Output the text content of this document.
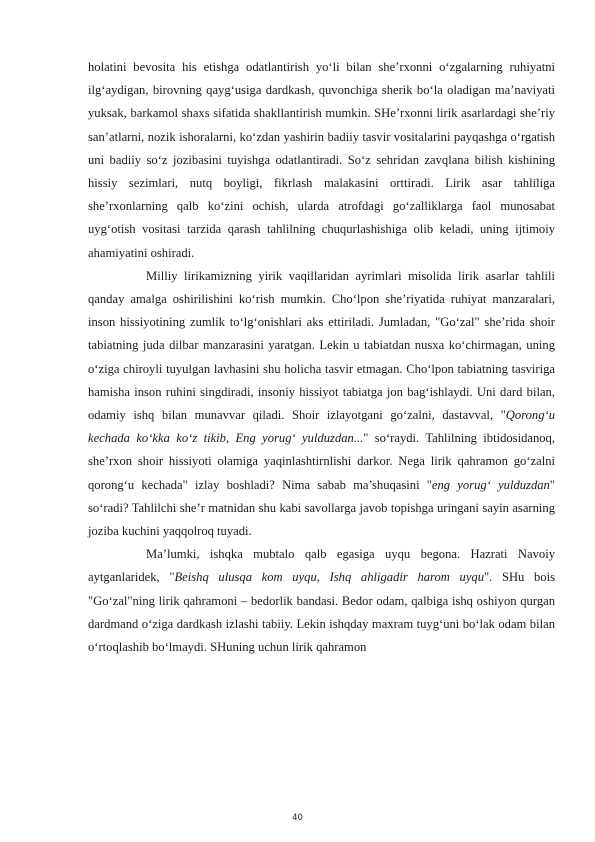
holatini bevosita his etishga odatlantirish yo‘li bilan she’rxonni o‘zgalarning ruhiyatni ilg‘aydigan, birovning qayg‘usiga dardkash, quvonchiga sherik bo‘la oladigan ma’naviyati yuksak, barkamol shaxs sifatida shakllantirish mumkin. SHe’rxonni lirik asarlardagi she’riy san’atlarni, nozik ishoralarni, ko‘zdan yashirin badiiy tasvir vositalarini payqashga o‘rgatish uni badiiy so‘z jozibasini tuyishga odatlantiradi. So‘z sehridan zavqlana bilish kishining hissiy sezimlari, nutq boyligi, fikrlash malakasini orttiradi. Lirik asar tahliliga she’rxonlarning qalb ko‘zini ochish, ularda atrofdagi go‘zalliklarga faol munosabat uyg‘otish vositasi tarzida qarash tahlilning chuqurlashishiga olib keladi, uning ijtimoiy ahamiyatini oshiradi.

Milliy lirikamizning yirik vaqillaridan ayrimlari misolida lirik asarlar tahlili qanday amalga oshirilishini ko‘rish mumkin. Cho‘lpon she’riyatida ruhiyat manzaralari, inson hissiyotining zumlik to‘lg‘onishlari aks ettiriladi. Jumladan, "Go‘zal" she’rida shoir tabiatning juda dilbar manzarasini yaratgan. Lekin u tabiatdan nusxa ko‘chirmagan, uning o‘ziga chiroyli tuyulgan lavhasini shu holicha tasvir etmagan. Cho‘lpon tabiatning tasviriga hamisha inson ruhini singdiradi, insoniy hissiyot tabiatga jon bag‘ishlaydi. Uni dard bilan, odamiy ishq bilan munavvar qiladi. Shoir izlayotgani go‘zalni, dastavval, "Qorong‘u kechada ko‘kka ko‘z tikib, Eng yorug‘ yulduzdan..." so‘raydi. Tahlilning ibtidosidanoq, she’rxon shoir hissiyoti olamiga yaqinlashtirnlishi darkor. Nega lirik qahramon go‘zalni qorong‘u kechada" izlay boshladi? Nima sabab ma’shuqasini "eng yorug‘ yulduzdan" so‘radi? Tahlilchi she’r matnidan shu kabi savollarga javob topishga uringani sayin asarning joziba kuchini yaqqolroq tuyadi.

Ma’lumki, ishqka mubtalo qalb egasiga uyqu begona. Hazrati Navoiy aytganlaridek, "Beishq ulusqa kom uyqu, Ishq ahligadir harom uyqu". SHu bois "Go‘zal"ning lirik qahramoni – bedorlik bandasi. Bedor odam, qalbiga ishq oshiyon qurgan dardmand o‘ziga dardkash izlashi tabiiy. Lekin ishqday maxram tuyg‘uni bo‘lak odam bilan o‘rtoqlashib bo‘lmaydi. SHuning uchun lirik qahramon

40
